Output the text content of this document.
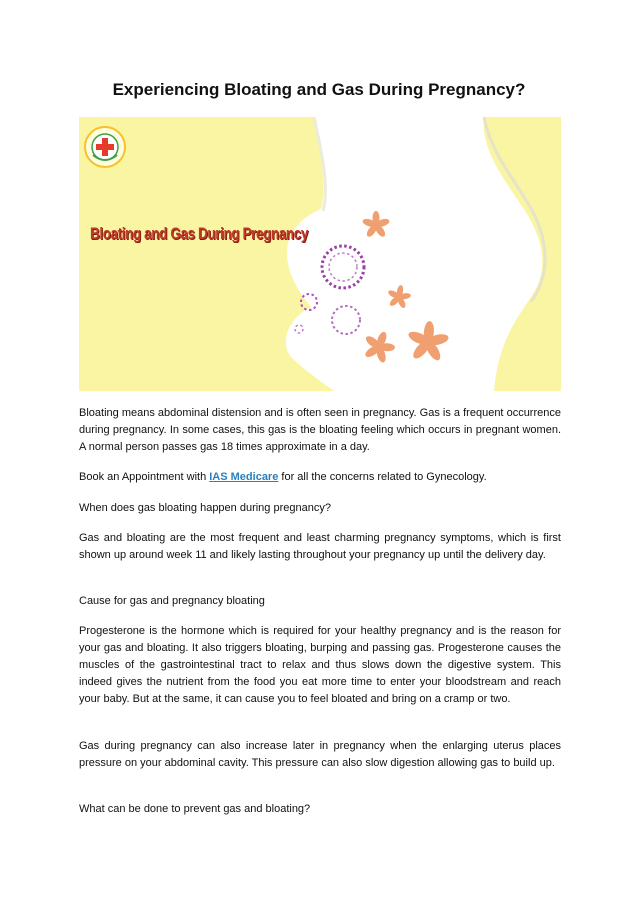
Experiencing Bloating and Gas During Pregnancy?
Bloating and Gas During Pregnancy
Bloating means abdominal distension and is often seen in pregnancy. Gas is a frequent occurrence during pregnancy. In some cases, this gas is the bloating feeling which occurs in pregnant women. A normal person passes gas 18 times approximate in a day.
Book an Appointment with IAS Medicare for all the concerns related to Gynecology.
When does gas bloating happen during pregnancy?
Gas and bloating are the most frequent and least charming pregnancy symptoms, which is first shown up around week 11 and likely lasting throughout your pregnancy up until the delivery day.
Cause for gas and pregnancy bloating
Progesterone is the hormone which is required for your healthy pregnancy and is the reason for your gas and bloating. It also triggers bloating, burping and passing gas. Progesterone causes the muscles of the gastrointestinal tract to relax and thus slows down the digestive system. This indeed gives the nutrient from the food you eat more time to enter your bloodstream and reach your baby. But at the same, it can cause you to feel bloated and bring on a cramp or two.
Gas during pregnancy can also increase later in pregnancy when the enlarging uterus places pressure on your abdominal cavity. This pressure can also slow digestion allowing gas to build up.
What can be done to prevent gas and bloating?
